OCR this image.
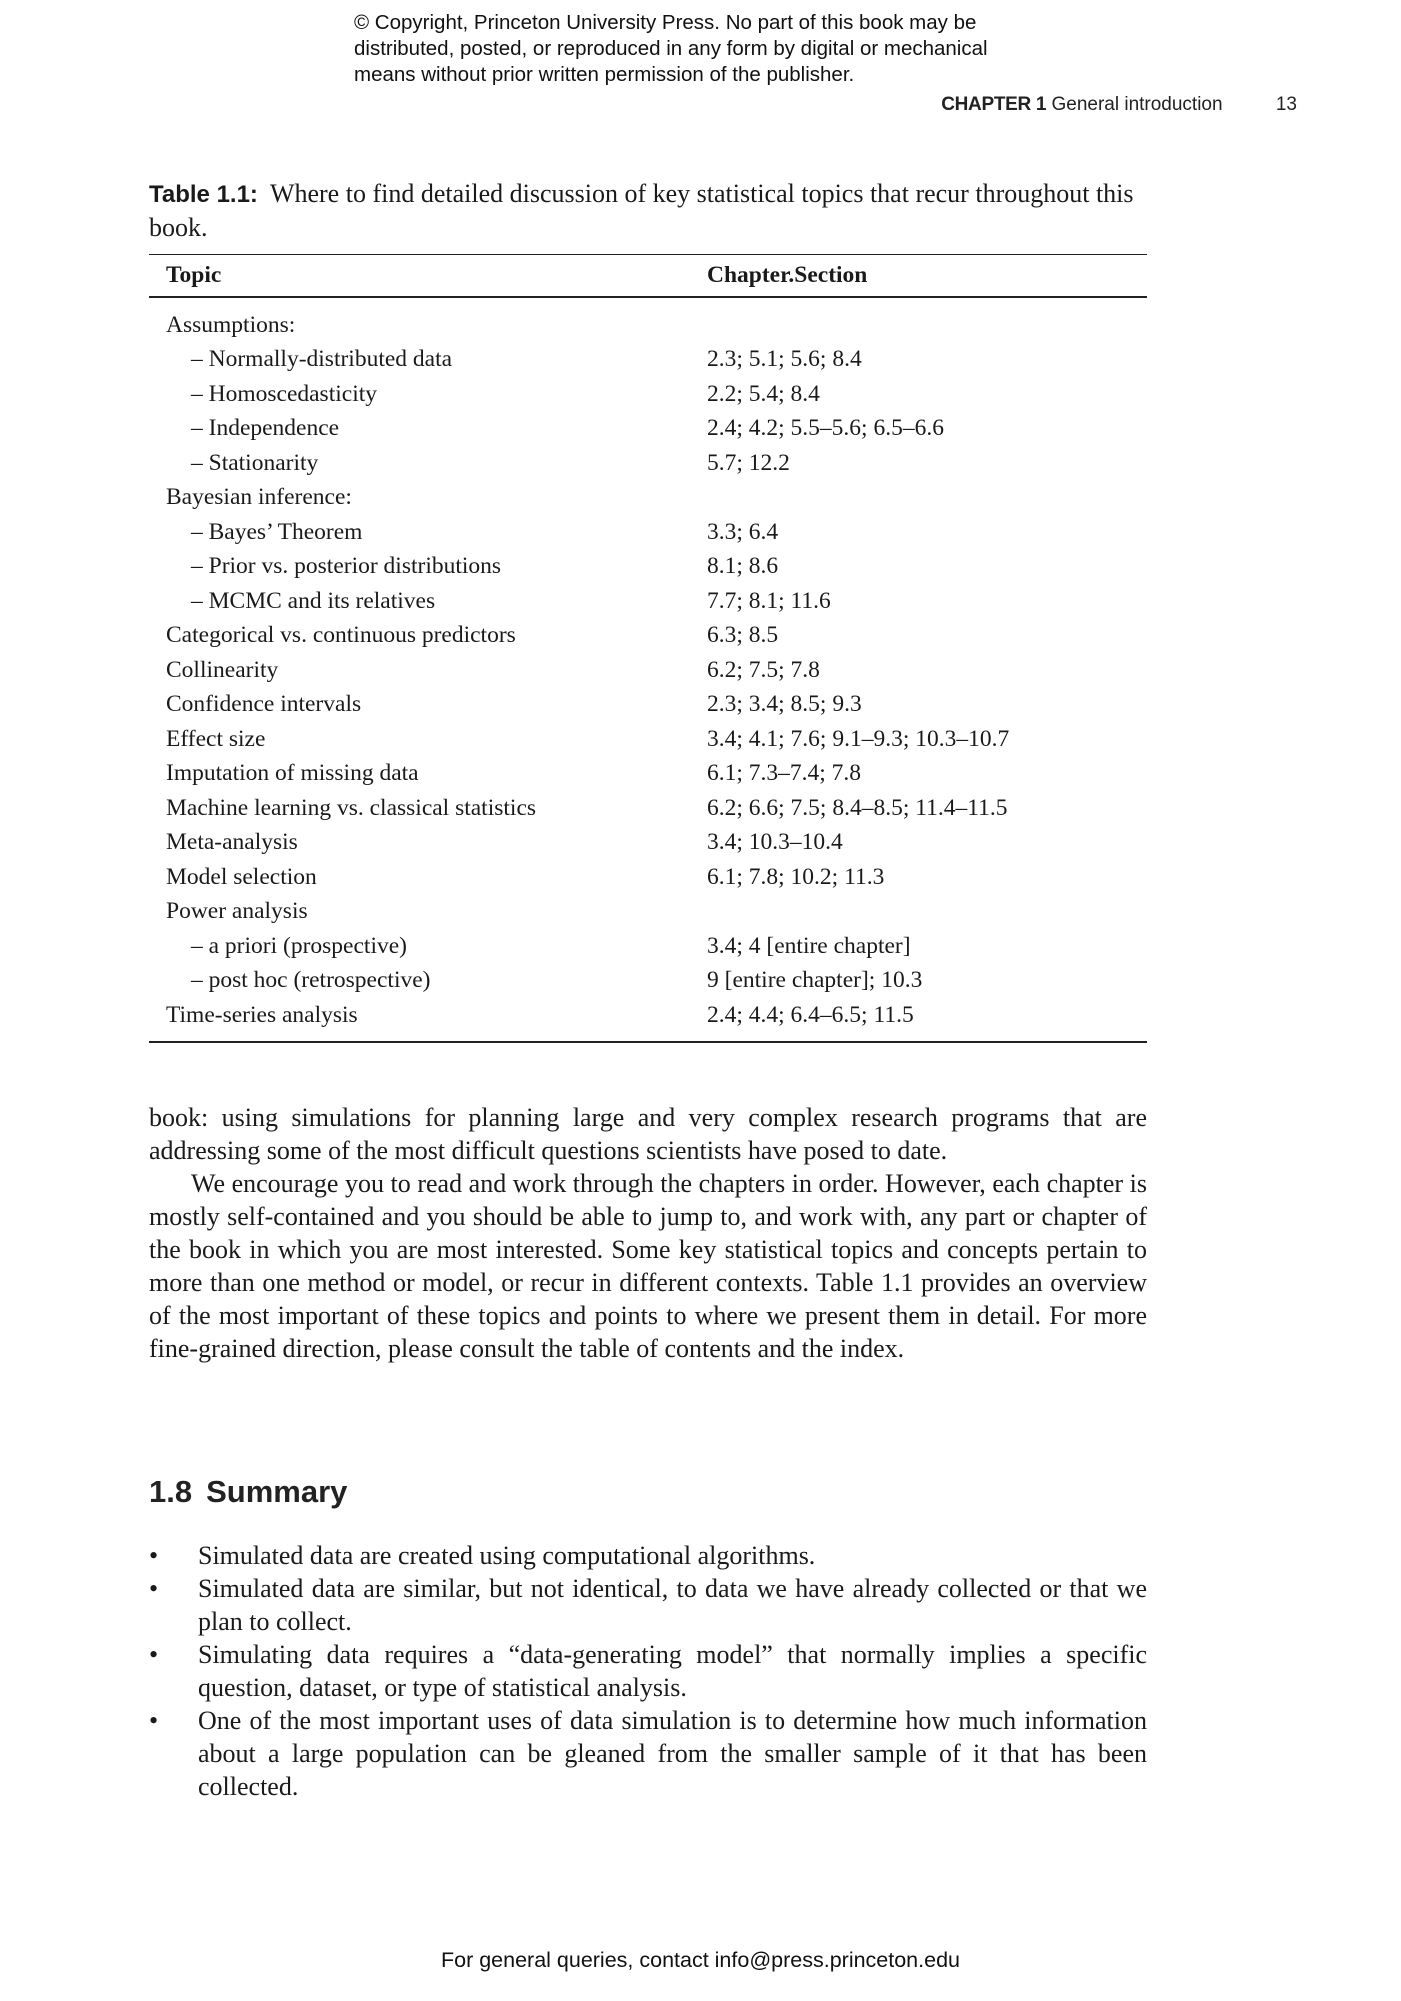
© Copyright, Princeton University Press. No part of this book may be
distributed, posted, or reproduced in any form by digital or mechanical
means without prior written permission of the publisher.
CHAPTER 1 General introduction	13
Table 1.1: Where to find detailed discussion of key statistical topics that recur throughout this book.
Topic	Chapter.Section
Assumptions:	
– Normally-distributed data	2.3; 5.1; 5.6; 8.4
– Homoscedasticity	2.2; 5.4; 8.4
– Independence	2.4; 4.2; 5.5–5.6; 6.5–6.6
– Stationarity	5.7; 12.2
Bayesian inference:	
– Bayes’ Theorem	3.3; 6.4
– Prior vs. posterior distributions	8.1; 8.6
– MCMC and its relatives	7.7; 8.1; 11.6
Categorical vs. continuous predictors	6.3; 8.5
Collinearity	6.2; 7.5; 7.8
Confidence intervals	2.3; 3.4; 8.5; 9.3
Effect size	3.4; 4.1; 7.6; 9.1–9.3; 10.3–10.7
Imputation of missing data	6.1; 7.3–7.4; 7.8
Machine learning vs. classical statistics	6.2; 6.6; 7.5; 8.4–8.5; 11.4–11.5
Meta-analysis	3.4; 10.3–10.4
Model selection	6.1; 7.8; 10.2; 11.3
Power analysis	
– a priori (prospective)	3.4; 4 [entire chapter]
– post hoc (retrospective)	9 [entire chapter]; 10.3
Time-series analysis	2.4; 4.4; 6.4–6.5; 11.5

book: using simulations for planning large and very complex research programs that are addressing some of the most difficult questions scientists have posed to date.

We encourage you to read and work through the chapters in order. However, each chapter is mostly self-contained and you should be able to jump to, and work with, any part or chapter of the book in which you are most interested. Some key statistical topics and concepts pertain to more than one method or model, or recur in different contexts. Table 1.1 provides an overview of the most important of these topics and points to where we present them in detail. For more fine-grained direction, please consult the table of contents and the index.

1.8 Summary
• Simulated data are created using computational algorithms.
• Simulated data are similar, but not identical, to data we have already collected or that we plan to collect.
• Simulating data requires a “data-generating model” that normally implies a specific question, dataset, or type of statistical analysis.
• One of the most important uses of data simulation is to determine how much information about a large population can be gleaned from the smaller sample of it that has been collected.
For general queries, contact info@press.princeton.edu
